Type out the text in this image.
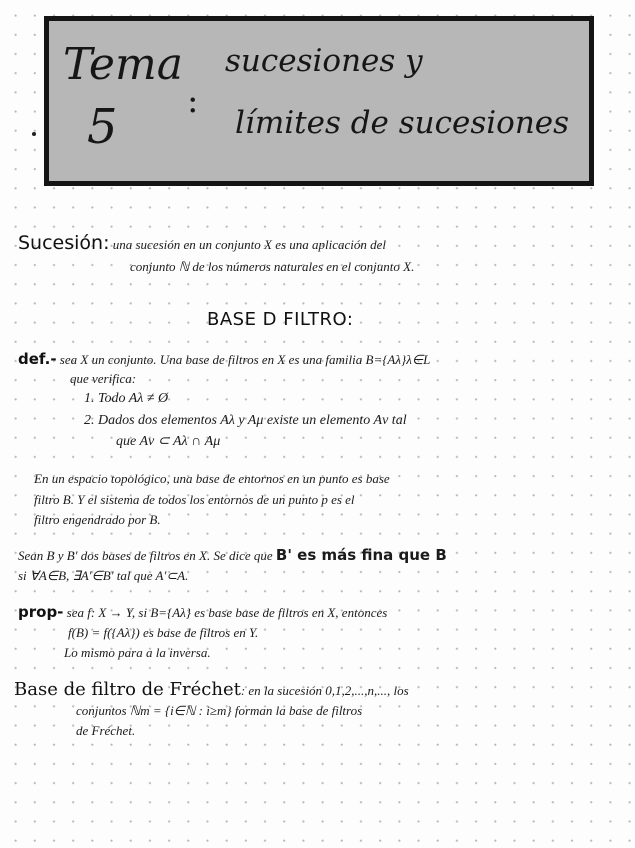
Tema
5 :
sucesiones y
límites de sucesiones
Sucesión: una sucesión en un conjunto X es una aplicación del
conjunto ℕ de los números naturales en el conjunto X.
BASE D FILTRO:
def.- sea X un conjunto. Una base de filtros en X es una familia B={Aλ}λ∈L
que verifica:
1. Todo Aλ ≠ Ø
2. Dados dos elementos Aλ y Aμ existe un elemento Aν tal
que Aν ⊂ Aλ ∩ Aμ
En un espacio topológico, una base de entornos en un punto es base
filtro B. Y el sistema de todos los entornos de un punto p es el
filtro engendrado por B.
Sean B y B' dos bases de filtros en X. Se dice que B' es más fina que B
si ∀A∈B, ∃A'∈B' tal que A'⊂A.
prop- sea f: X → Y, si B={Aλ} es base base de filtros en X, entonces
f(B) = f({Aλ}) es base de filtros en Y.
Lo mismo para a la inversa.
Base de filtro de Fréchet: en la sucesión 0,1,2,...,n,..., los
conjuntos ℕm = {i∈ℕ : i≥m} forman la base de filtros
de Fréchet.
